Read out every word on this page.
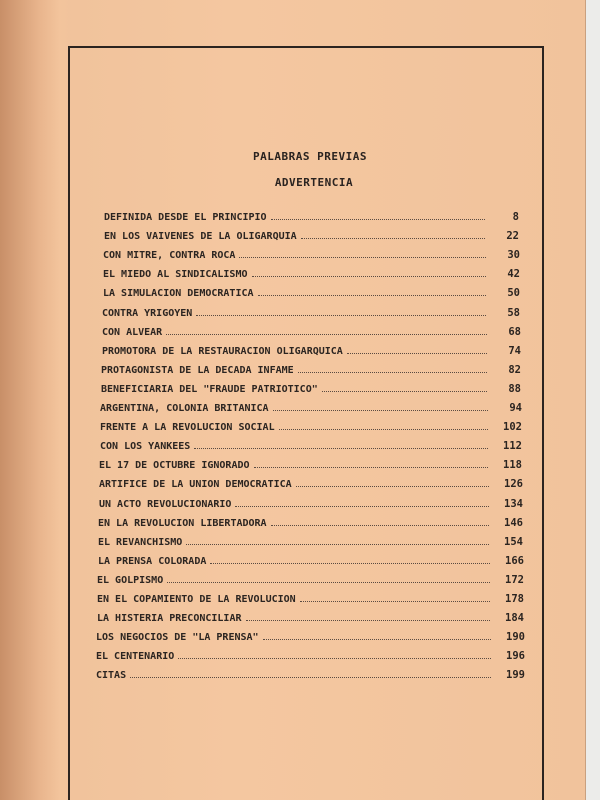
PALABRAS PREVIAS
ADVERTENCIA
DEFINIDA DESDE EL PRINCIPIO	8
EN LOS VAIVENES DE LA OLIGARQUIA	22
CON MITRE, CONTRA ROCA	30
EL MIEDO AL SINDICALISMO	42
LA SIMULACION DEMOCRATICA	50
CONTRA YRIGOYEN	58
CON ALVEAR	68
PROMOTORA DE LA RESTAURACION OLIGARQUICA	74
PROTAGONISTA DE LA DECADA INFAME	82
BENEFICIARIA DEL "FRAUDE PATRIOTICO"	88
ARGENTINA, COLONIA BRITANICA	94
FRENTE A LA REVOLUCION SOCIAL	102
CON LOS YANKEES	112
EL 17 DE OCTUBRE IGNORADO	118
ARTIFICE DE LA UNION DEMOCRATICA	126
UN ACTO REVOLUCIONARIO	134
EN LA REVOLUCION LIBERTADORA	146
EL REVANCHISMO	154
LA PRENSA COLORADA	166
EL GOLPISMO	172
EN EL COPAMIENTO DE LA REVOLUCION	178
LA HISTERIA PRECONCILIAR	184
LOS NEGOCIOS DE "LA PRENSA"	190
EL CENTENARIO	196
CITAS	199
